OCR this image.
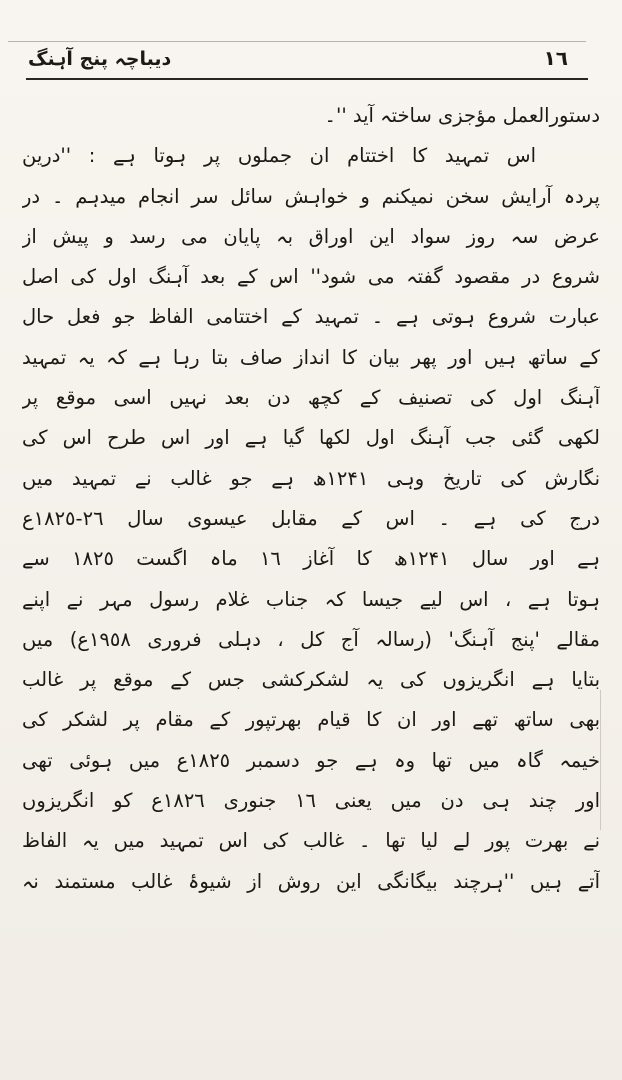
۱٦
دیباچہ پنج آہنگ
دستورالعمل مؤجزی ساختہ آید ''۔
اس تمہید کا اختتام ان جملوں پر ہوتا ہے : ''درین
پردہ آرایش سخن نمیکنم و خواہش سائل سر انجام میدہم ۔ در
عرض سہ روز سواد این اوراق بہ پایان می رسد و پیش از
شروع در مقصود گفتہ می شود'' اس کے بعد آہنگ اول کی اصل
عبارت شروع ہوتی ہے ۔ تمہید کے اختتامی الفاظ جو فعل حال
کے ساتھ ہیں اور پھر بیان کا انداز صاف بتا رہا ہے کہ یہ تمہید
آہنگ اول کی تصنیف کے کچھ دن بعد نہیں اسی موقع پر
لکھی گئی جب آہنگ اول لکھا گیا ہے اور اس طرح اس کی
نگارش کی تاریخ وہی ۱۲۴۱ھ ہے جو غالب نے تمہید میں
درج کی ہے ۔ اس کے مقابل عیسوی سال ٢٦-١٨٢٥ع
ہے اور سال ۱۲۴۱ھ کا آغاز ١٦ ماہ اگست ١٨٢٥ سے
ہوتا ہے ، اس لیے جیسا کہ جناب غلام رسول مہر نے اپنے
مقالے 'پنج آہنگ' (رسالہ آج کل ، دہلی فروری ١٩٥٨ع) میں
بتایا ہے انگریزوں کی یہ لشکرکشی جس کے موقع پر غالب
بھی ساتھ تھے اور ان کا قیام بھرتپور کے مقام پر لشکر کی
خیمہ گاہ میں تھا وہ ہے جو دسمبر ١٨٢٥ع میں ہوئی تھی
اور چند ہی دن میں یعنی ١٦ جنوری ١٨٢٦ع کو انگریزوں
نے بھرت پور لے لیا تھا ۔ غالب کی اس تمہید میں یہ الفاظ
آتے ہیں ''ہرچند بیگانگی این روش از شیوۂ غالب مستمند نہ
